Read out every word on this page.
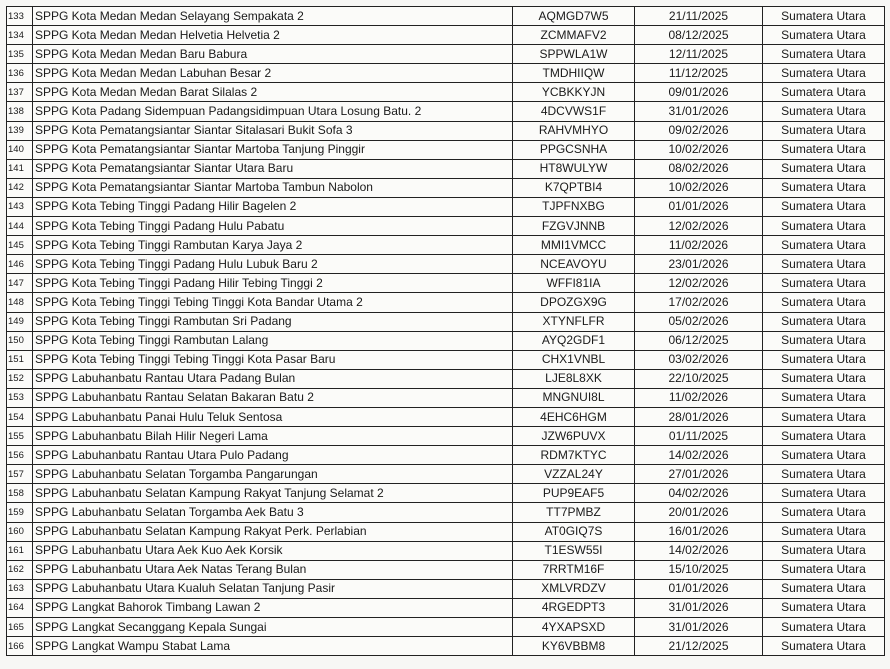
133	SPPG Kota Medan Medan Selayang Sempakata 2	AQMGD7W5	21/11/2025	Sumatera Utara
134	SPPG Kota Medan Medan Helvetia Helvetia 2	ZCMMAFV2	08/12/2025	Sumatera Utara
135	SPPG Kota Medan Medan Baru Babura	SPPWLA1W	12/11/2025	Sumatera Utara
136	SPPG Kota Medan Medan Labuhan Besar 2	TMDHIIQW	11/12/2025	Sumatera Utara
137	SPPG Kota Medan Medan Barat Silalas 2	YCBKKYJN	09/01/2026	Sumatera Utara
138	SPPG Kota Padang Sidempuan Padangsidimpuan Utara Losung Batu. 2	4DCVWS1F	31/01/2026	Sumatera Utara
139	SPPG Kota Pematangsiantar Siantar Sitalasari Bukit Sofa 3	RAHVMHYO	09/02/2026	Sumatera Utara
140	SPPG Kota Pematangsiantar Siantar Martoba Tanjung Pinggir	PPGCSNHA	10/02/2026	Sumatera Utara
141	SPPG Kota Pematangsiantar Siantar Utara Baru	HT8WULYW	08/02/2026	Sumatera Utara
142	SPPG Kota Pematangsiantar Siantar Martoba Tambun Nabolon	K7QPTBI4	10/02/2026	Sumatera Utara
143	SPPG Kota Tebing Tinggi Padang Hilir Bagelen 2	TJPFNXBG	01/01/2026	Sumatera Utara
144	SPPG Kota Tebing Tinggi Padang Hulu Pabatu	FZGVJNNB	12/02/2026	Sumatera Utara
145	SPPG Kota Tebing Tinggi Rambutan Karya Jaya 2	MMI1VMCC	11/02/2026	Sumatera Utara
146	SPPG Kota Tebing Tinggi Padang Hulu Lubuk Baru 2	NCEAVOYU	23/01/2026	Sumatera Utara
147	SPPG Kota Tebing Tinggi Padang Hilir Tebing Tinggi 2	WFFI81IA	12/02/2026	Sumatera Utara
148	SPPG Kota Tebing Tinggi Tebing Tinggi Kota Bandar Utama 2	DPOZGX9G	17/02/2026	Sumatera Utara
149	SPPG Kota Tebing Tinggi Rambutan Sri Padang	XTYNFLFR	05/02/2026	Sumatera Utara
150	SPPG Kota Tebing Tinggi Rambutan Lalang	AYQ2GDF1	06/12/2025	Sumatera Utara
151	SPPG Kota Tebing Tinggi Tebing Tinggi Kota Pasar Baru	CHX1VNBL	03/02/2026	Sumatera Utara
152	SPPG Labuhanbatu Rantau Utara Padang Bulan	LJE8L8XK	22/10/2025	Sumatera Utara
153	SPPG Labuhanbatu Rantau Selatan Bakaran Batu 2	MNGNUI8L	11/02/2026	Sumatera Utara
154	SPPG Labuhanbatu Panai Hulu Teluk Sentosa	4EHC6HGM	28/01/2026	Sumatera Utara
155	SPPG Labuhanbatu Bilah Hilir Negeri Lama	JZW6PUVX	01/11/2025	Sumatera Utara
156	SPPG Labuhanbatu Rantau Utara Pulo Padang	RDM7KTYC	14/02/2026	Sumatera Utara
157	SPPG Labuhanbatu Selatan Torgamba Pangarungan	VZZAL24Y	27/01/2026	Sumatera Utara
158	SPPG Labuhanbatu Selatan Kampung Rakyat Tanjung Selamat 2	PUP9EAF5	04/02/2026	Sumatera Utara
159	SPPG Labuhanbatu Selatan Torgamba Aek Batu 3	TT7PMBZ	20/01/2026	Sumatera Utara
160	SPPG Labuhanbatu Selatan Kampung Rakyat Perk. Perlabian	AT0GIQ7S	16/01/2026	Sumatera Utara
161	SPPG Labuhanbatu Utara Aek Kuo Aek Korsik	T1ESW55I	14/02/2026	Sumatera Utara
162	SPPG Labuhanbatu Utara Aek Natas Terang Bulan	7RRTM16F	15/10/2025	Sumatera Utara
163	SPPG Labuhanbatu Utara Kualuh Selatan Tanjung Pasir	XMLVRDZV	01/01/2026	Sumatera Utara
164	SPPG Langkat Bahorok Timbang Lawan 2	4RGEDPT3	31/01/2026	Sumatera Utara
165	SPPG Langkat Secanggang Kepala Sungai	4YXAPSXD	31/01/2026	Sumatera Utara
166	SPPG Langkat Wampu Stabat Lama	KY6VBBM8	21/12/2025	Sumatera Utara
